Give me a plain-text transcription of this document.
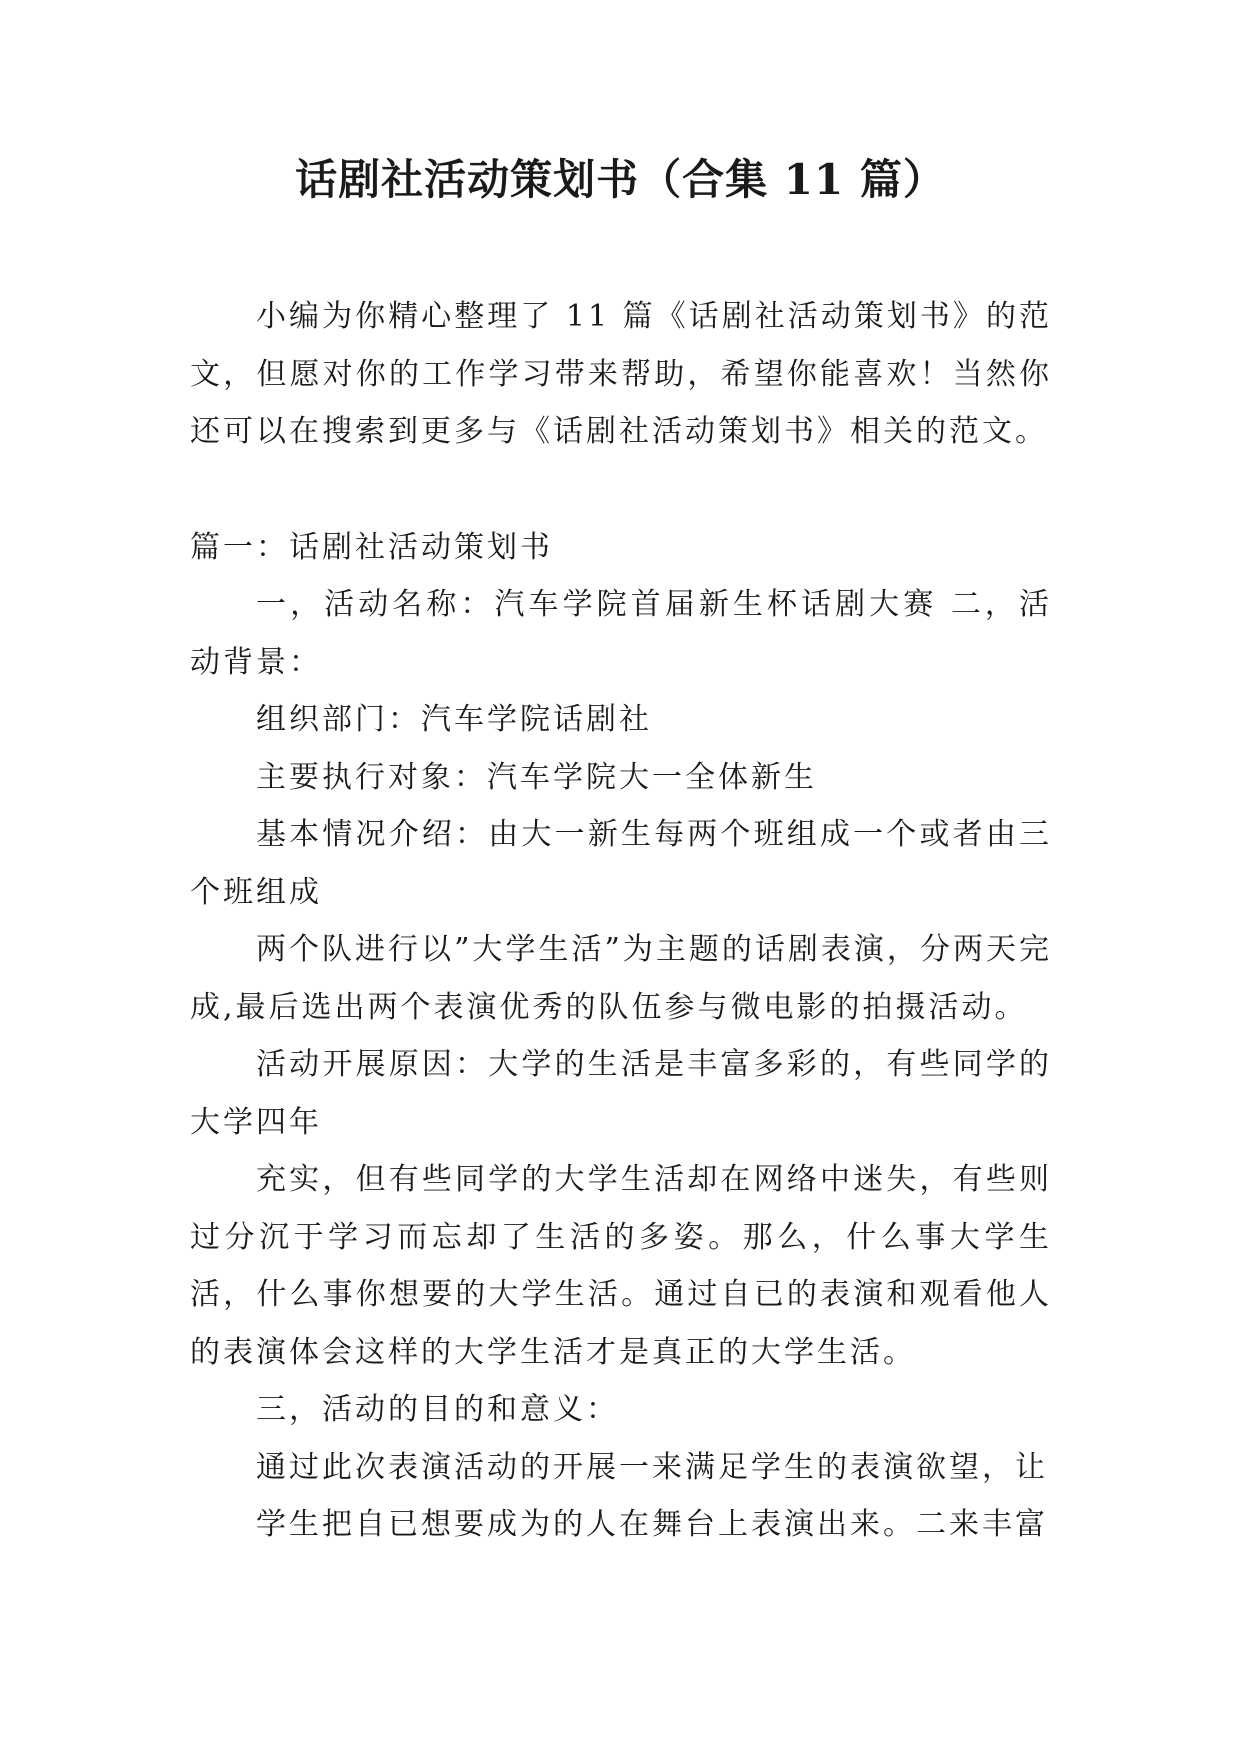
话剧社活动策划书（合集 11 篇）

小编为你精心整理了 11 篇《话剧社活动策划书》的范文，但愿对你的工作学习带来帮助，希望你能喜欢！当然你还可以在搜索到更多与《话剧社活动策划书》相关的范文。

篇一：话剧社活动策划书

一，活动名称：汽车学院首届新生杯话剧大赛 二，活动背景：

组织部门：汽车学院话剧社

主要执行对象：汽车学院大一全体新生

基本情况介绍：由大一新生每两个班组成一个或者由三个班组成

两个队进行以”大学生活”为主题的话剧表演，分两天完成,最后选出两个表演优秀的队伍参与微电影的拍摄活动。

活动开展原因：大学的生活是丰富多彩的，有些同学的大学四年

充实，但有些同学的大学生活却在网络中迷失，有些则过分沉于学习而忘却了生活的多姿。那么，什么事大学生活，什么事你想要的大学生活。通过自已的表演和观看他人的表演体会这样的大学生活才是真正的大学生活。

三，活动的目的和意义：

通过此次表演活动的开展一来满足学生的表演欲望，让

学生把自已想要成为的人在舞台上表演出来。二来丰富
